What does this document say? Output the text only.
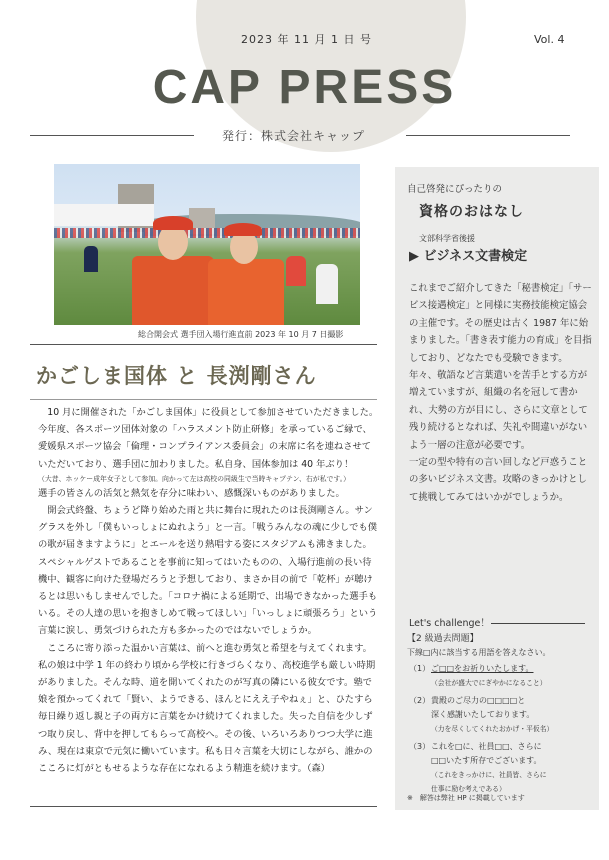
2023 年 11 月 1 日 号	Vol. 4
CAP PRESS
発行：株式会社キャップ
総合開会式 選手団入場行進直前 2023 年 10 月 7 日撮影
かごしま国体 と 長渕剛さん

　10 月に開催された「かごしま国体」に役員として参加させていただきました。今年度、各スポーツ団体対象の「ハラスメント防止研修」を承っているご縁で、愛媛県スポーツ協会「倫理・コンプライアンス委員会」の末席に名を連ねさせていただいており、選手団に加わりました。私自身、国体参加は 40 年ぶり！

（大昔、ホッケー成年女子として参加。向かって左は高校の同級生で当時キャプテン、右が私です。）

選手の皆さんの活気と熱気を存分に味わい、感慨深いものがありました。

　開会式終盤、ちょうど降り始めた雨と共に舞台に現れたのは長渕剛さん。サングラスを外し「僕もいっしょにぬれよう」と一言。「戦うみんなの魂に少しでも僕の歌が届きますように」とエールを送り熱唱する姿にスタジアムも沸きました。スペシャルゲストであることを事前に知ってはいたものの、入場行進前の長い待機中、観客に向けた登場だろうと予想しており、まさか目の前で「乾杯」が聴けるとは思いもしませんでした。「コロナ禍による延期で、出場できなかった選手もいる。その人達の思いを抱きしめて戦ってほしい」「いっしょに頑張ろう」という言葉に涙し、勇気づけられた方も多かったのではないでしょうか。

　こころに寄り添った温かい言葉は、前へと進む勇気と希望を与えてくれます。私の娘は中学 1 年の終わり頃から学校に行きづらくなり、高校進学も厳しい時期がありました。そんな時、道を開いてくれたのが写真の隣にいる彼女です。塾で娘を預かってくれて「賢い、ようできる、ほんとにええ子やねぇ」と、ひたすら毎日繰り返し親と子の両方に言葉をかけ続けてくれました。失った自信を少しずつ取り戻し、背中を押してもらって高校へ。その後、いろいろありつつ大学に進み、現在は東京で元気に働いています。私も日々言葉を大切にしながら、誰かのこころに灯がともせるような存在になれるよう精進を続けます。（森）

自己啓発にぴったりの
資格のおはなし
文部科学省後援
▶ ビジネス文書検定

これまでご紹介してきた「秘書検定」「サービス接遇検定」と同様に実務技能検定協会の主催です。その歴史は古く 1987 年に始まりました。「書き表す能力の育成」を目指しており、どなたでも受験できます。

年々、敬語など言葉遣いを苦手とする方が増えていますが、組織の名を冠して書かれ、大勢の方が目にし、さらに文章として残り続けるとなれば、失礼や間違いがないよう一層の注意が必要です。

一定の型や特有の言い回しなど戸惑うことの多いビジネス文書。攻略のきっかけとして挑戦してみてはいかがでしょうか。

Let's challenge！
【2 級過去問題】
下線□内に該当する用語を答えなさい。
（1）ご□□をお祈りいたします。
（会社が盛大でにぎやかになること）
（2）貴殿のご尽力の□□□□と
深く感謝いたしております。
（力を尽くしてくれたおかげ・平仮名）
（3）これを□に、社員□□、さらに
□□いたす所存でございます。
（これをきっかけに、社員皆、さらに
仕事に励む考えである）
※　解答は弊社 HP に掲載しています
